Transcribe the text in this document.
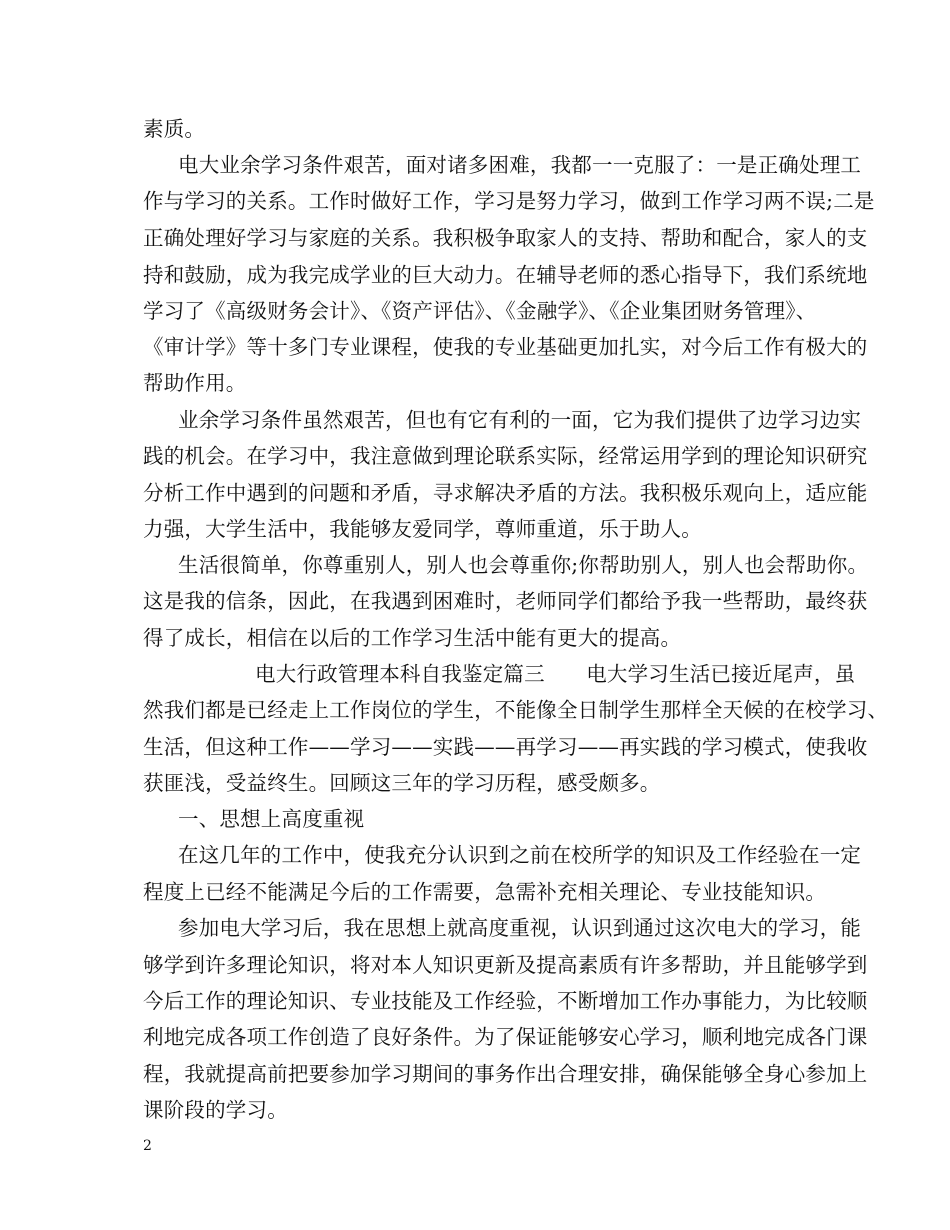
素质。
电大业余学习条件艰苦，面对诸多困难，我都一一克服了：一是正确处理工
作与学习的关系。工作时做好工作，学习是努力学习，做到工作学习两不误;二是
正确处理好学习与家庭的关系。我积极争取家人的支持、帮助和配合，家人的支
持和鼓励，成为我完成学业的巨大动力。在辅导老师的悉心指导下，我们系统地
学习了《高级财务会计》、《资产评估》、《金融学》、《企业集团财务管理》、
《审计学》等十多门专业课程，使我的专业基础更加扎实，对今后工作有极大的
帮助作用。
业余学习条件虽然艰苦，但也有它有利的一面，它为我们提供了边学习边实
践的机会。在学习中，我注意做到理论联系实际，经常运用学到的理论知识研究
分析工作中遇到的问题和矛盾，寻求解决矛盾的方法。我积极乐观向上，适应能
力强，大学生活中，我能够友爱同学，尊师重道，乐于助人。
生活很简单，你尊重别人，别人也会尊重你;你帮助别人，别人也会帮助你。
这是我的信条，因此，在我遇到困难时，老师同学们都给予我一些帮助，最终获
得了成长，相信在以后的工作学习生活中能有更大的提高。
电大行政管理本科自我鉴定篇三　　电大学习生活已接近尾声，虽
然我们都是已经走上工作岗位的学生，不能像全日制学生那样全天候的在校学习、
生活，但这种工作——学习——实践——再学习——再实践的学习模式，使我收
获匪浅，受益终生。回顾这三年的学习历程，感受颇多。
一、思想上高度重视
在这几年的工作中，使我充分认识到之前在校所学的知识及工作经验在一定
程度上已经不能满足今后的工作需要，急需补充相关理论、专业技能知识。
参加电大学习后，我在思想上就高度重视，认识到通过这次电大的学习，能
够学到许多理论知识，将对本人知识更新及提高素质有许多帮助，并且能够学到
今后工作的理论知识、专业技能及工作经验，不断增加工作办事能力，为比较顺
利地完成各项工作创造了良好条件。为了保证能够安心学习，顺利地完成各门课
程，我就提高前把要参加学习期间的事务作出合理安排，确保能够全身心参加上
课阶段的学习。
2
